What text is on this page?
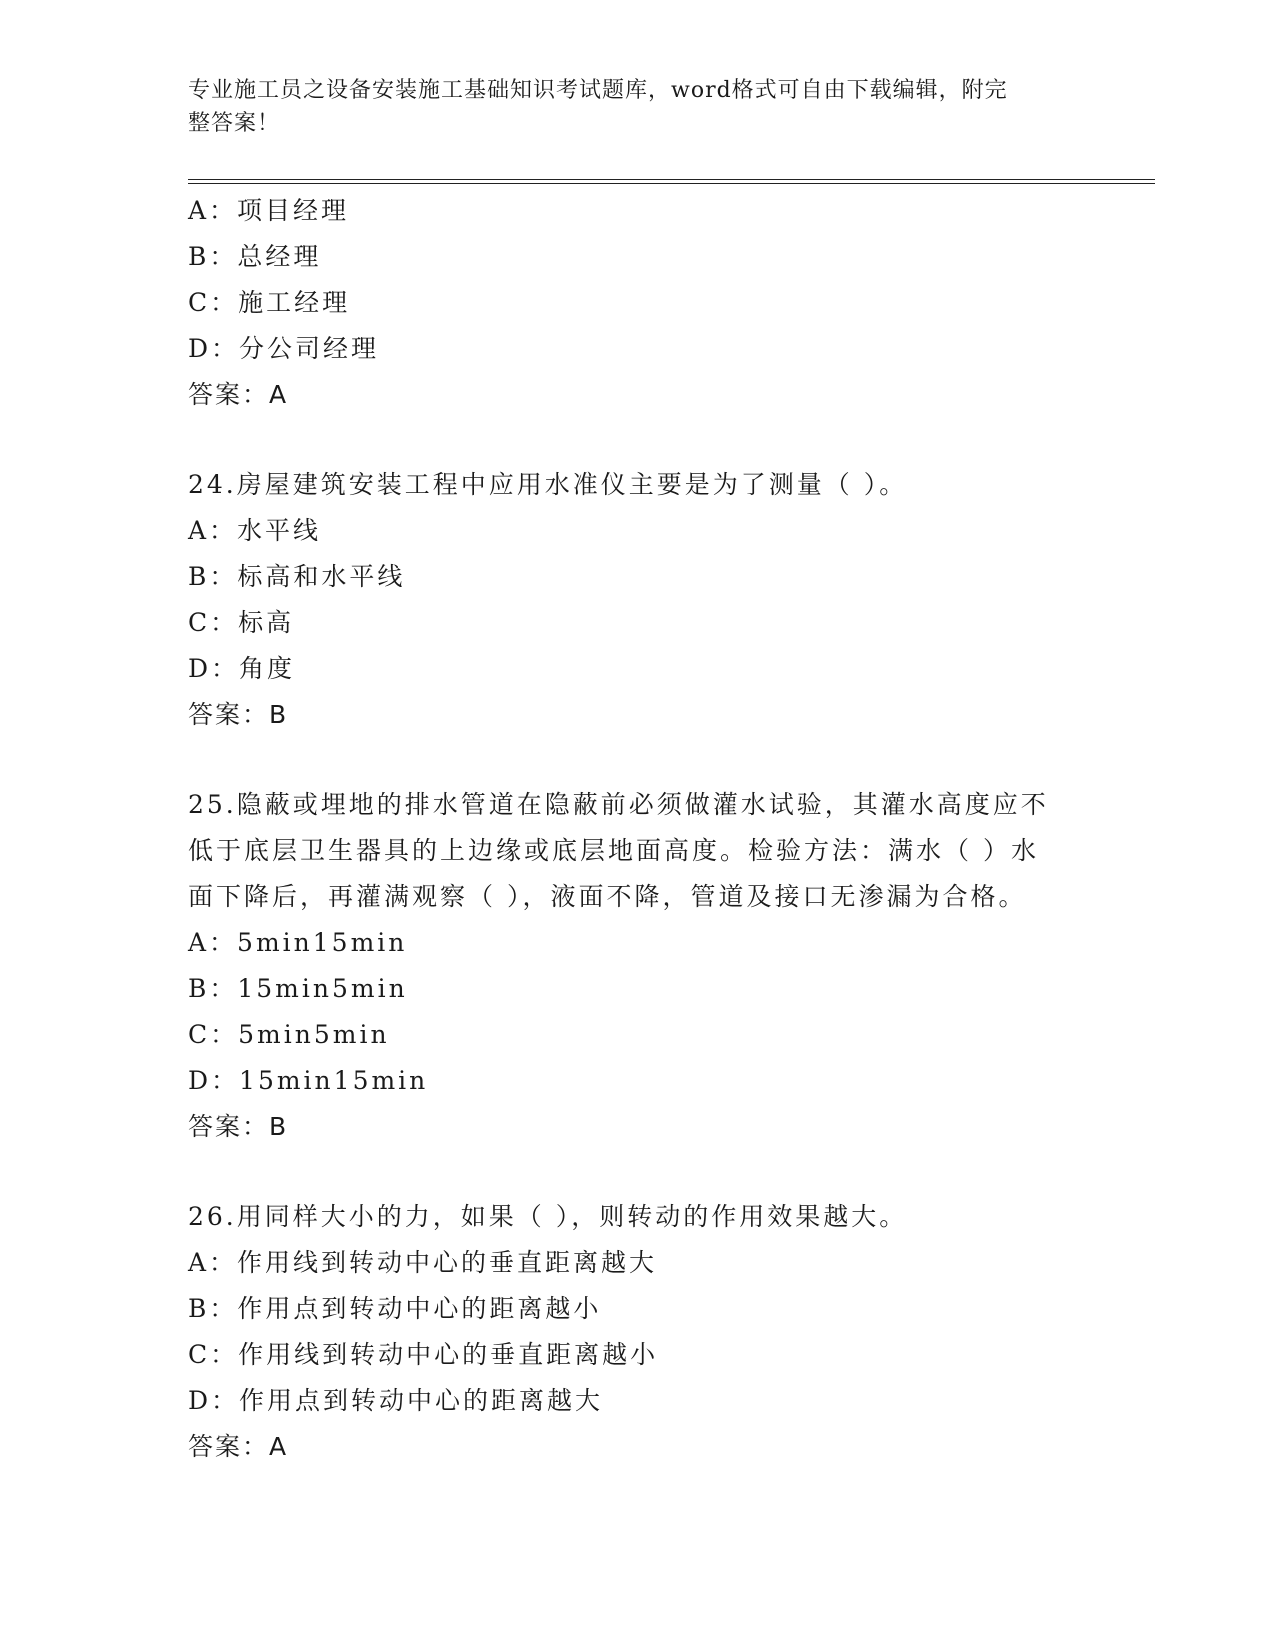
专业施工员之设备安装施工基础知识考试题库，word格式可自由下载编辑，附完
整答案！
A：项目经理
B：总经理
C：施工经理
D：分公司经理
答案：A
24.房屋建筑安装工程中应用水准仪主要是为了测量（ ）。
A：水平线
B：标高和水平线
C：标高
D：角度
答案：B
25.隐蔽或埋地的排水管道在隐蔽前必须做灌水试验，其灌水高度应不
低于底层卫生器具的上边缘或底层地面高度。检验方法：满水（ ）水
面下降后，再灌满观察（ ），液面不降，管道及接口无渗漏为合格。
A：5min15min
B：15min5min
C：5min5min
D：15min15min
答案：B
26.用同样大小的力，如果（ ），则转动的作用效果越大。
A：作用线到转动中心的垂直距离越大
B：作用点到转动中心的距离越小
C：作用线到转动中心的垂直距离越小
D：作用点到转动中心的距离越大
答案：A
